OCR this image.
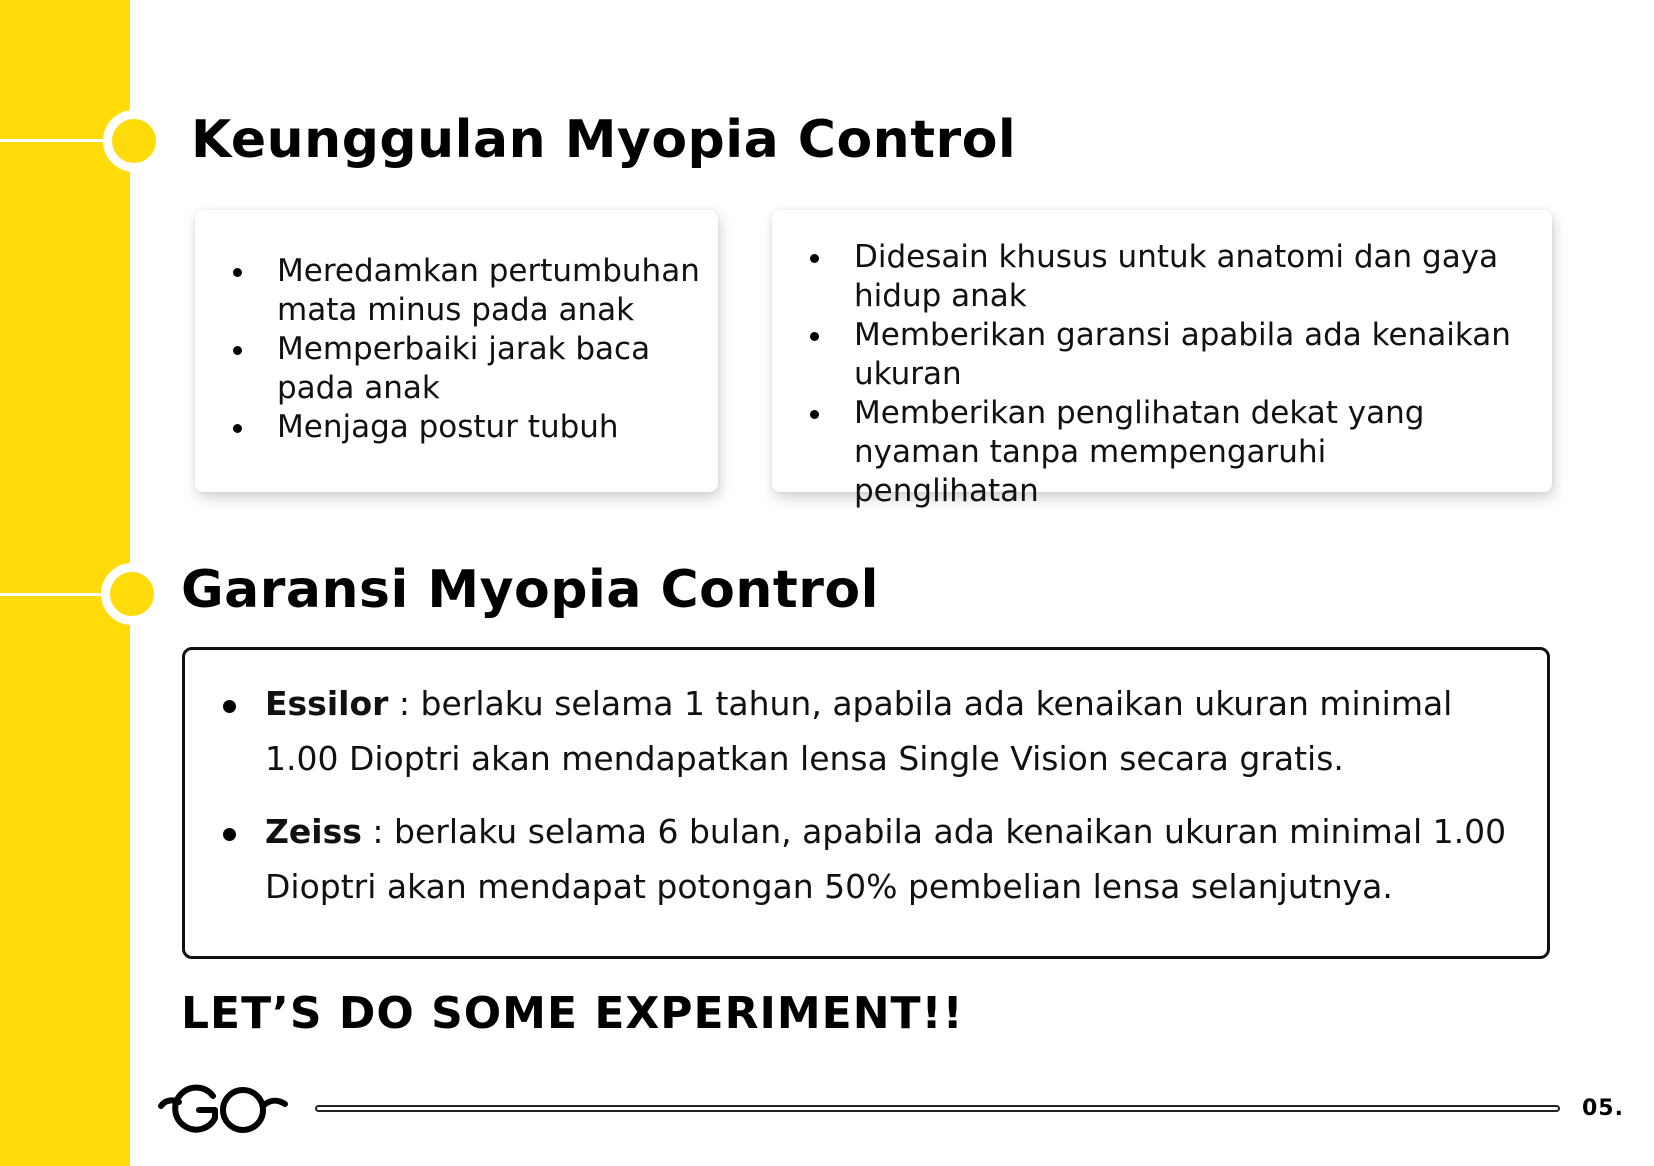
Keunggulan Myopia Control
Meredamkan pertumbuhan mata minus pada anak
Memperbaiki jarak baca pada anak
Menjaga postur tubuh
Didesain khusus untuk anatomi dan gaya hidup anak
Memberikan garansi apabila ada kenaikan ukuran
Memberikan penglihatan dekat yang nyaman tanpa mempengaruhi penglihatan
Garansi Myopia Control
Essilor : berlaku selama 1 tahun, apabila ada kenaikan ukuran minimal 1.00 Dioptri akan mendapatkan lensa Single Vision secara gratis.
Zeiss : berlaku selama 6 bulan, apabila ada kenaikan ukuran minimal 1.00 Dioptri akan mendapat potongan 50% pembelian lensa selanjutnya.
LET’S DO SOME EXPERIMENT!!
05.
